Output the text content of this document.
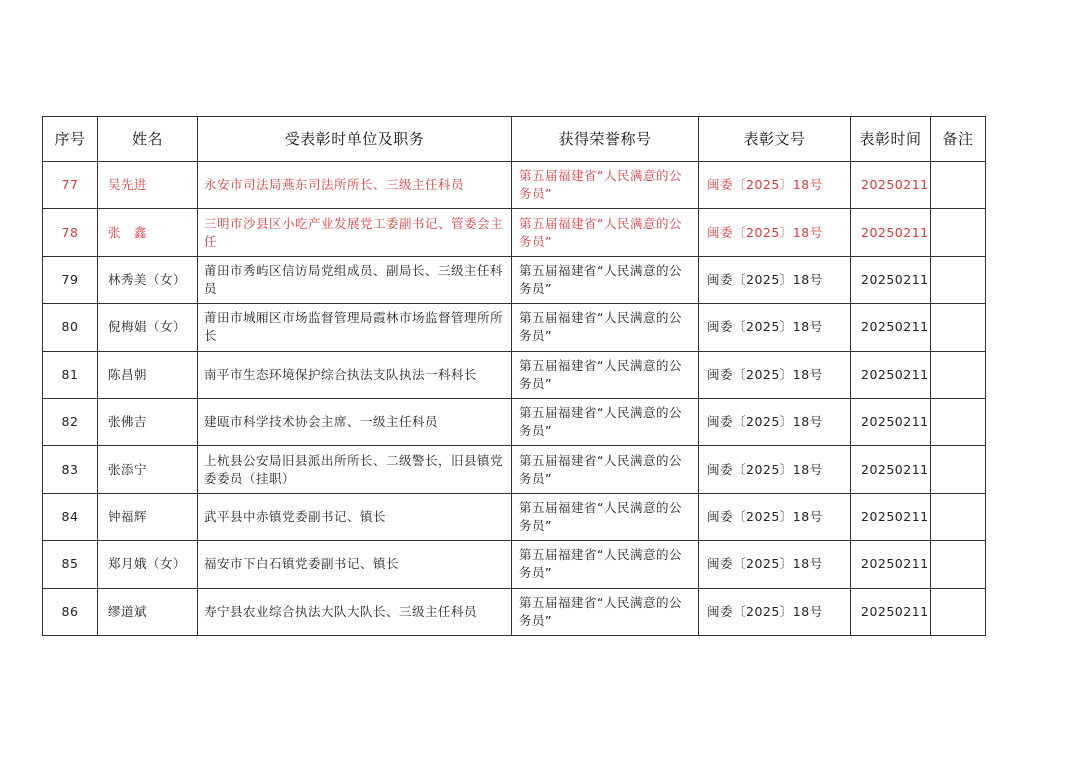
序号	姓名	受表彰时单位及职务	获得荣誉称号	表彰文号	表彰时间	备注
77	吴先进	永安市司法局燕东司法所所长、三级主任科员	第五届福建省“人民满意的公务员”	闽委〔2025〕18号	20250211	
78	张　鑫	三明市沙县区小吃产业发展党工委副书记、管委会主任	第五届福建省“人民满意的公务员”	闽委〔2025〕18号	20250211	
79	林秀美（女）	莆田市秀屿区信访局党组成员、副局长、三级主任科员	第五届福建省“人民满意的公务员”	闽委〔2025〕18号	20250211	
80	倪梅娟（女）	莆田市城厢区市场监督管理局霞林市场监督管理所所长	第五届福建省“人民满意的公务员”	闽委〔2025〕18号	20250211	
81	陈昌朝	南平市生态环境保护综合执法支队执法一科科长	第五届福建省“人民满意的公务员”	闽委〔2025〕18号	20250211	
82	张佛吉	建瓯市科学技术协会主席、一级主任科员	第五届福建省“人民满意的公务员”	闽委〔2025〕18号	20250211	
83	张添宁	上杭县公安局旧县派出所所长、二级警长，旧县镇党委委员（挂职）	第五届福建省“人民满意的公务员”	闽委〔2025〕18号	20250211	
84	钟福辉	武平县中赤镇党委副书记、镇长	第五届福建省“人民满意的公务员”	闽委〔2025〕18号	20250211	
85	郑月娥（女）	福安市下白石镇党委副书记、镇长	第五届福建省“人民满意的公务员”	闽委〔2025〕18号	20250211	
86	缪道斌	寿宁县农业综合执法大队大队长、三级主任科员	第五届福建省“人民满意的公务员”	闽委〔2025〕18号	20250211	
